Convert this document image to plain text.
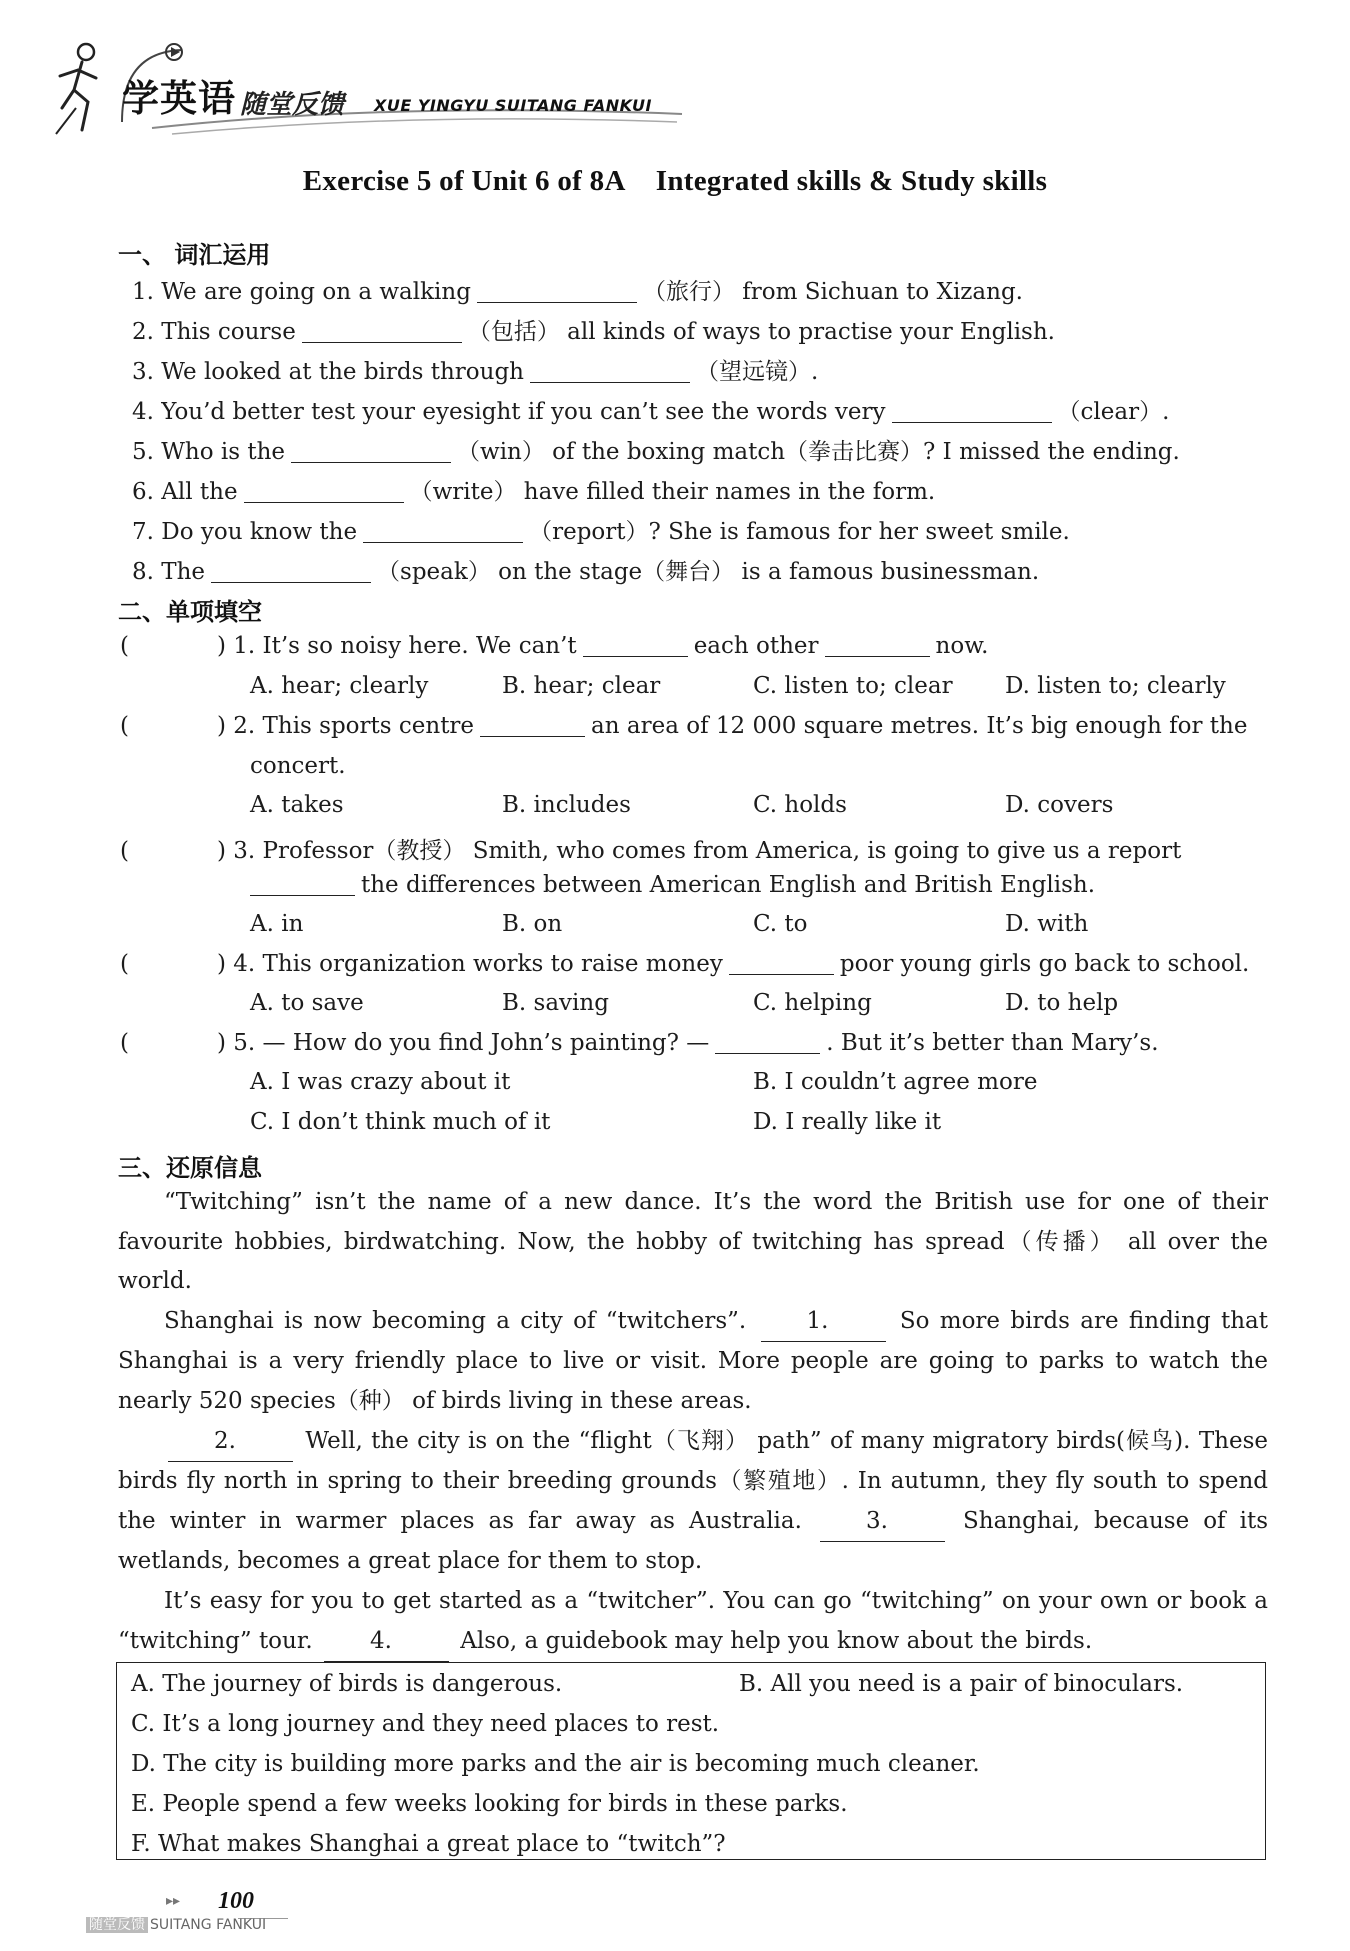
学英语 随堂反馈 XUE YINGYU SUITANG FANKUI
Exercise 5 of Unit 6 of 8A Integrated skills & Study skills
一、 词汇运用
1. We are going on a walking	（旅行） from Sichuan to Xizang.
2. This course	（包括） all kinds of ways to practise your English.
3. We looked at the birds through	（望远镜）.
4. You’d better test your eyesight if you can’t see the words very	（clear）.
5. Who is the	（win） of the boxing match（拳击比赛）? I missed the ending.
6. All the	（write） have filled their names in the form.
7. Do you know the	（report）? She is famous for her sweet smile.
8. The	（speak） on the stage（舞台） is a famous businessman.
二、单项填空
(	) 1. It’s so noisy here. We can’t	each other	now.
A. hear; clearly	B. hear; clear	C. listen to; clear D. listen to; clearly
(	) 2. This sports centre	an area of 12 000 square metres. It’s big enough for the
concert.
A. takes	B. includes	C. holds	D. covers
(	) 3. Professor（教授） Smith, who comes from America, is going to give us a report
the differences between American English and British English.
A. in	B. on	C. to	D. with
(	) 4. This organization works to raise money	poor young girls go back to school.
A. to save	B. saving	C. helping	D. to help
(	) 5. — How do you find John’s painting? —	. But it’s better than Mary’s.
A. I was crazy about it	B. I couldn’t agree more
C. I don’t think much of it	D. I really like it
三、还原信息

“Twitching” isn’t the name of a new dance. It’s the word the British use for one of their favourite hobbies, birdwatching. Now, the hobby of twitching has spread（传播） all over the world.

Shanghai is now becoming a city of “twitchers”.	1.	So more birds are finding that Shanghai is a very friendly place to live or visit. More people are going to parks to watch the nearly 520 species（种） of birds living in these areas.

2.	Well, the city is on the “flight（飞翔） path” of many migratory birds(候鸟). These birds fly north in spring to their breeding grounds（繁殖地）. In autumn, they fly south to spend the winter in warmer places as far away as Australia.	3.	Shanghai, because of its wetlands, becomes a great place for them to stop.

It’s easy for you to get started as a “twitcher”. You can go “twitching” on your own or book a “twitching” tour. 4.	Also, a guidebook may help you know about the birds.

A. The journey of birds is dangerous.	B. All you need is a pair of binoculars.
C. It’s a long journey and they need places to rest.
D. The city is building more parks and the air is becoming much cleaner.
E. People spend a few weeks looking for birds in these parks.
F. What makes Shanghai a great place to “twitch”?
▸▸ 100
随堂反馈 SUITANG FANKUI
